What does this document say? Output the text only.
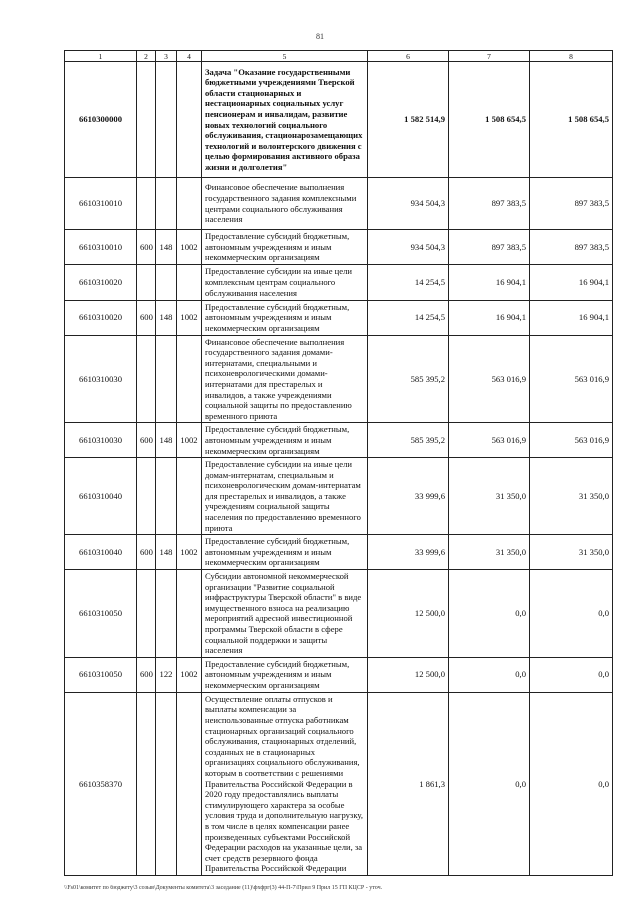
81
1	2	3	4	5	6	7	8
6610300000				Задача "Оказание государственными бюджетными учреждениями Тверской области стационарных и нестационарных социальных услуг пенсионерам и инвалидам, развитие новых технологий социального обслуживания, стационарозамещающих технологий и волонтерского движения с целью формирования активного образа жизни и долголетия"	1 582 514,9	1 508 654,5	1 508 654,5
6610310010				Финансовое обеспечение выполнения государственного задания комплексными центрами социального обслуживания населения	934 504,3	897 383,5	897 383,5
6610310010	600	148	1002	Предоставление субсидий бюджетным, автономным учреждениям и иным некоммерческим организациям	934 504,3	897 383,5	897 383,5
6610310020				Предоставление субсидии на иные цели комплексным центрам социального обслуживания населения	14 254,5	16 904,1	16 904,1
6610310020	600	148	1002	Предоставление субсидий бюджетным, автономным учреждениям и иным некоммерческим организациям	14 254,5	16 904,1	16 904,1
6610310030				Финансовое обеспечение выполнения государственного задания домами-интернатами, специальными и психоневрологическими домами-интернатами для престарелых и инвалидов, а также учреждениями социальной защиты по предоставлению временного приюта	585 395,2	563 016,9	563 016,9
6610310030	600	148	1002	Предоставление субсидий бюджетным, автономным учреждениям и иным некоммерческим организациям	585 395,2	563 016,9	563 016,9
6610310040				Предоставление субсидии на иные цели домам-интернатам, специальным и психоневрологическим домам-интернатам для престарелых и инвалидов, а также учреждениям социальной защиты населения по предоставлению временного приюта	33 999,6	31 350,0	31 350,0
6610310040	600	148	1002	Предоставление субсидий бюджетным, автономным учреждениям и иным некоммерческим организациям	33 999,6	31 350,0	31 350,0
6610310050				Субсидии автономной некоммерческой организации "Развитие социальной инфраструктуры Тверской области" в виде имущественного взноса на реализацию мероприятий адресной инвестиционной программы Тверской области в сфере социальной поддержки и защиты населения	12 500,0	0,0	0,0
6610310050	600	122	1002	Предоставление субсидий бюджетным, автономным учреждениям и иным некоммерческим организациям	12 500,0	0,0	0,0
6610358370				Осуществление оплаты отпусков и выплаты компенсации за неиспользованные отпуска работникам стационарных организаций социального обслуживания, стационарных отделений, созданных не в стационарных организациях социального обслуживания, которым в соответствии с решениями Правительства Российской Федерации в 2020 году предоставлялись выплаты стимулирующего характера за особые условия труда и дополнительную нагрузку, в том числе в целях компенсации ранее произведенных субъектами Российской Федерации расходов на указанные цели, за счет средств резервного фонда Правительства Российской Федерации	1 861,3	0,0	0,0
\\Fs01\комитет по бюджету\3 созыв\Документы комитета\3 заседание (11)\фхфрг(3) 44-П-7\Прил 9 Прил 15 ГП КЦСР - уточ.
